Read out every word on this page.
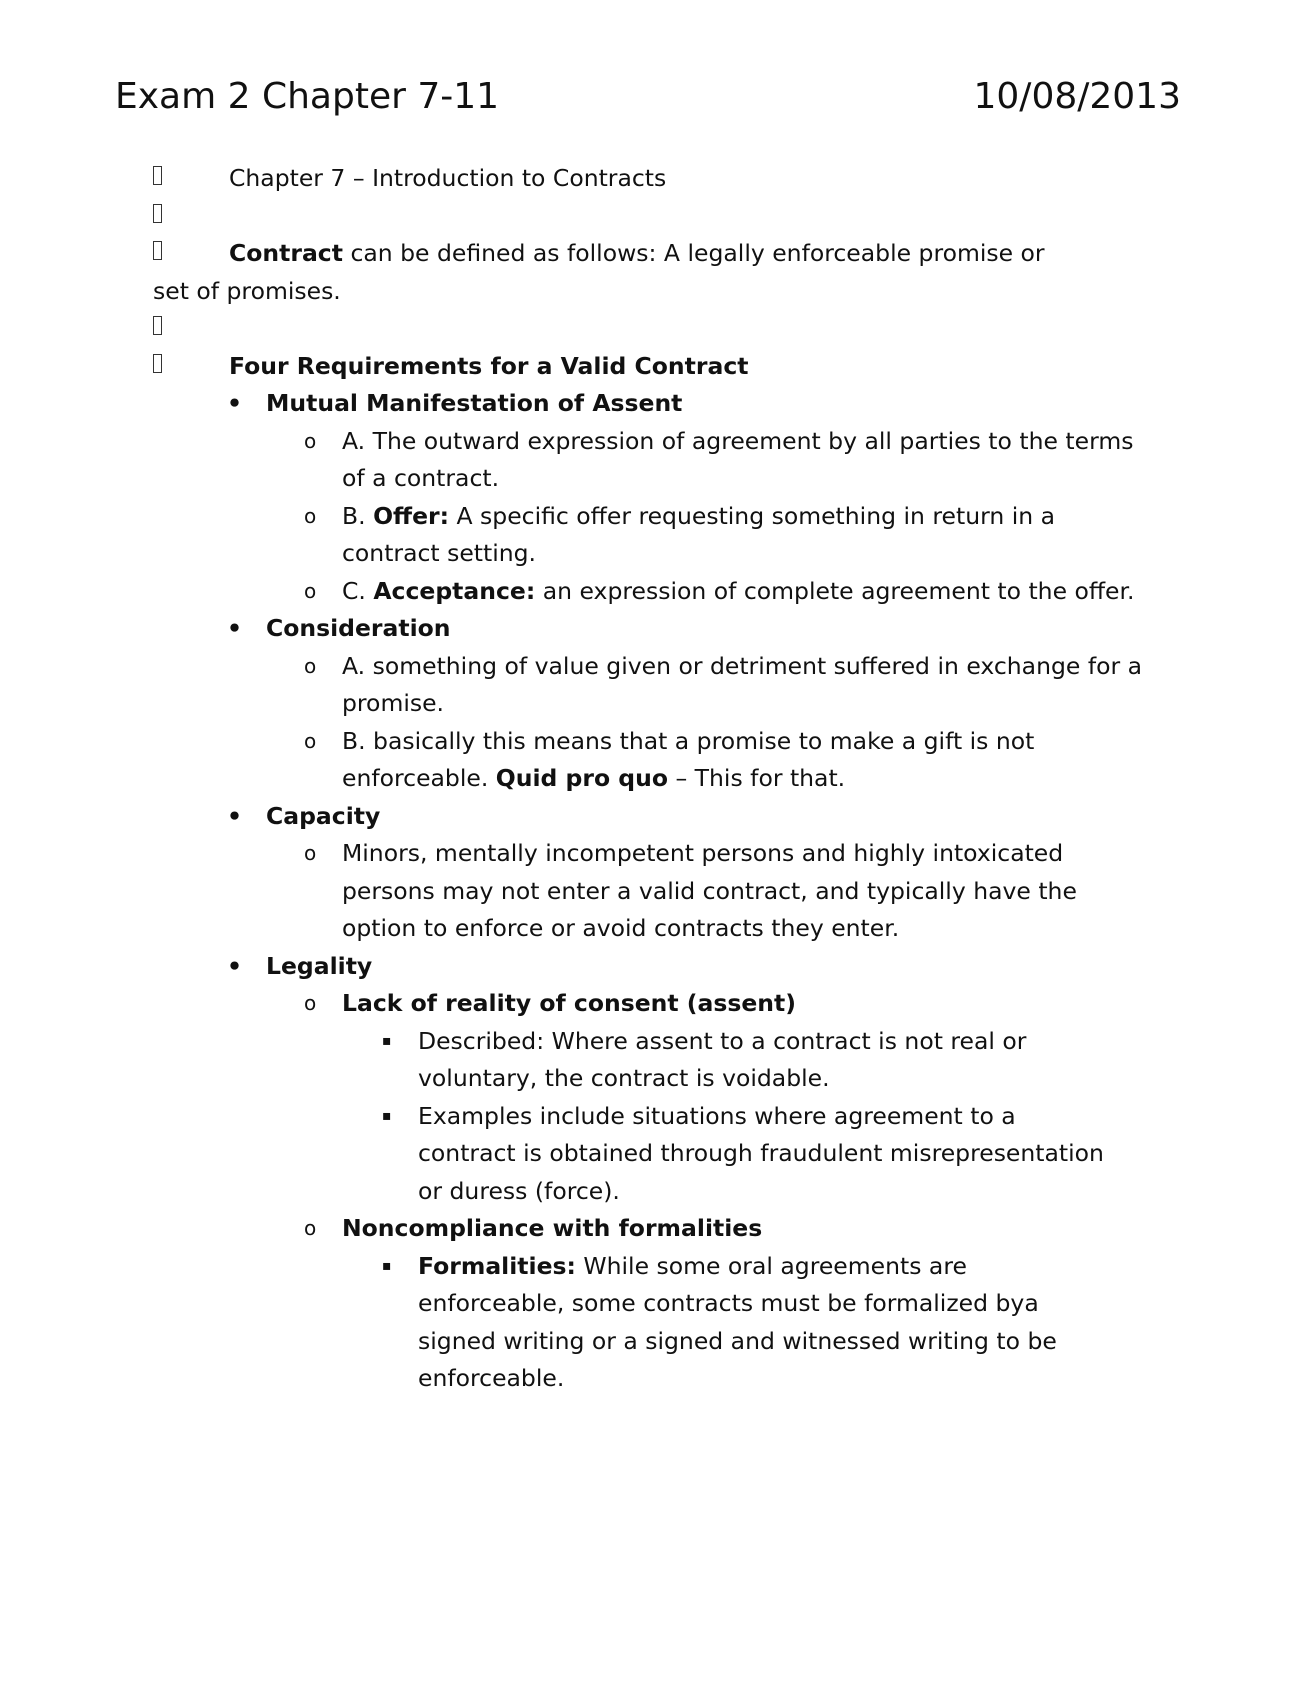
Exam 2 Chapter 7-11	10/08/2013
Chapter 7 – Introduction to Contracts
Contract can be defined as follows: A legally enforceable promise or
set of promises.
Four Requirements for a Valid Contract
• Mutual Manifestation of Assent
o A. The outward expression of agreement by all parties to the terms of a contract.
o B. Offer: A specific offer requesting something in return in a contract setting.
o C. Acceptance: an expression of complete agreement to the offer.
• Consideration
o A. something of value given or detriment suffered in exchange for a promise.
o B. basically this means that a promise to make a gift is not enforceable. Quid pro quo – This for that.
• Capacity
o Minors, mentally incompetent persons and highly intoxicated persons may not enter a valid contract, and typically have the option to enforce or avoid contracts they enter.
• Legality
o Lack of reality of consent (assent)
▪ Described: Where assent to a contract is not real or voluntary, the contract is voidable.
▪ Examples include situations where agreement to a contract is obtained through fraudulent misrepresentation or duress (force).
o Noncompliance with formalities
▪ Formalities: While some oral agreements are enforceable, some contracts must be formalized bya signed writing or a signed and witnessed writing to be enforceable.
